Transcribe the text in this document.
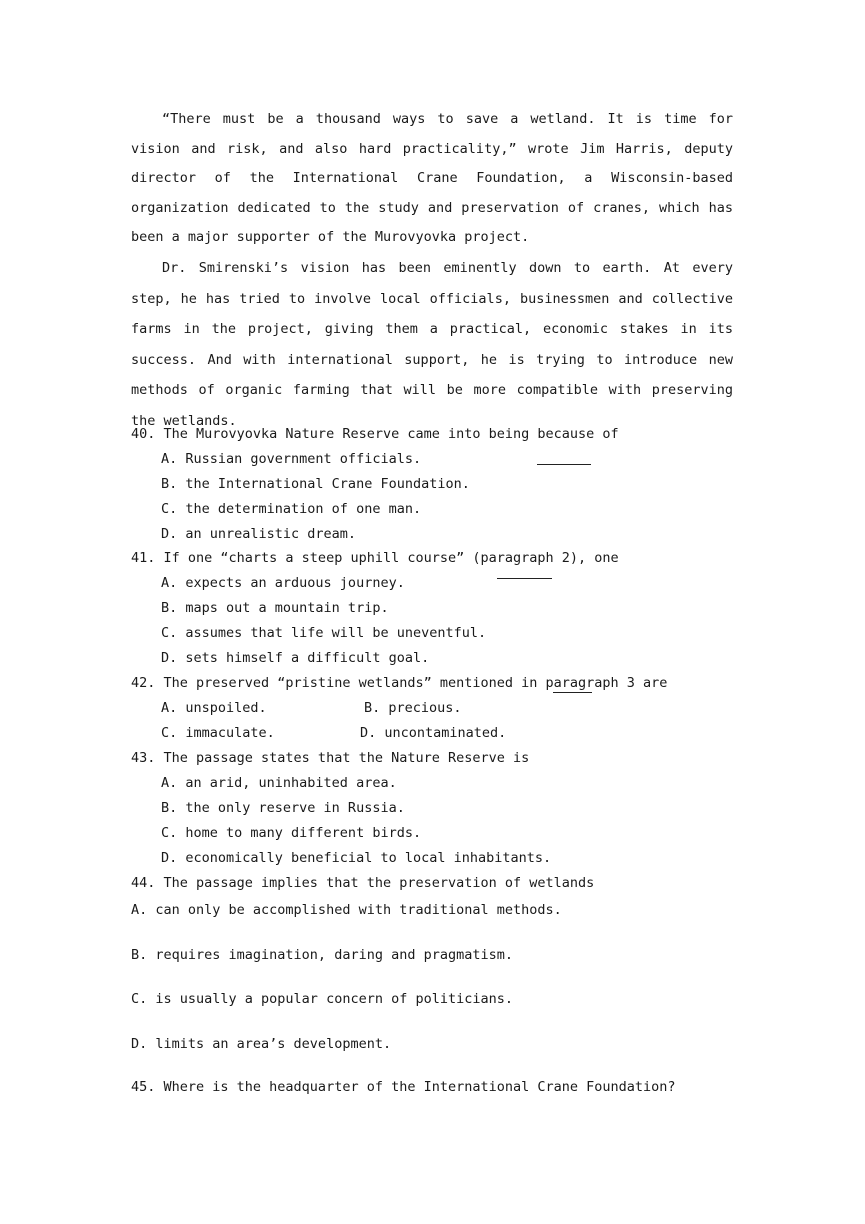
“There must be a thousand ways to save a wetland. It is time for vision and risk, and also hard practicality,” wrote Jim Harris, deputy director of the International Crane Foundation, a Wisconsin-based organization dedicated to the study and preservation of cranes, which has been a major supporter of the Murovyovka project.

Dr. Smirenski’s vision has been eminently down to earth. At every step, he has tried to involve local officials, businessmen and collective farms in the project, giving them a practical, economic stakes in its success. And with international support, he is trying to introduce new methods of organic farming that will be more compatible with preserving the wetlands.

40. The Murovyovka Nature Reserve came into being because of
A. Russian government officials.
B. the International Crane Foundation.
C. the determination of one man.
D. an unrealistic dream.
41. If one “charts a steep uphill course” (paragraph 2), one
A. expects an arduous journey.
B. maps out a mountain trip.
C. assumes that life will be uneventful.
D. sets himself a difficult goal.
42. The preserved “pristine wetlands” mentioned in paragraph 3 are
A. unspoiled.	B. precious.
C. immaculate.	D. uncontaminated.
43. The passage states that the Nature Reserve is
A. an arid, uninhabited area.
B. the only reserve in Russia.
C. home to many different birds.
D. economically beneficial to local inhabitants.
44. The passage implies that the preservation of wetlands
A. can only be accomplished with traditional methods.
B. requires imagination, daring and pragmatism.
C. is usually a popular concern of politicians.
D. limits an area’s development.
45. Where is the headquarter of the International Crane Foundation?
